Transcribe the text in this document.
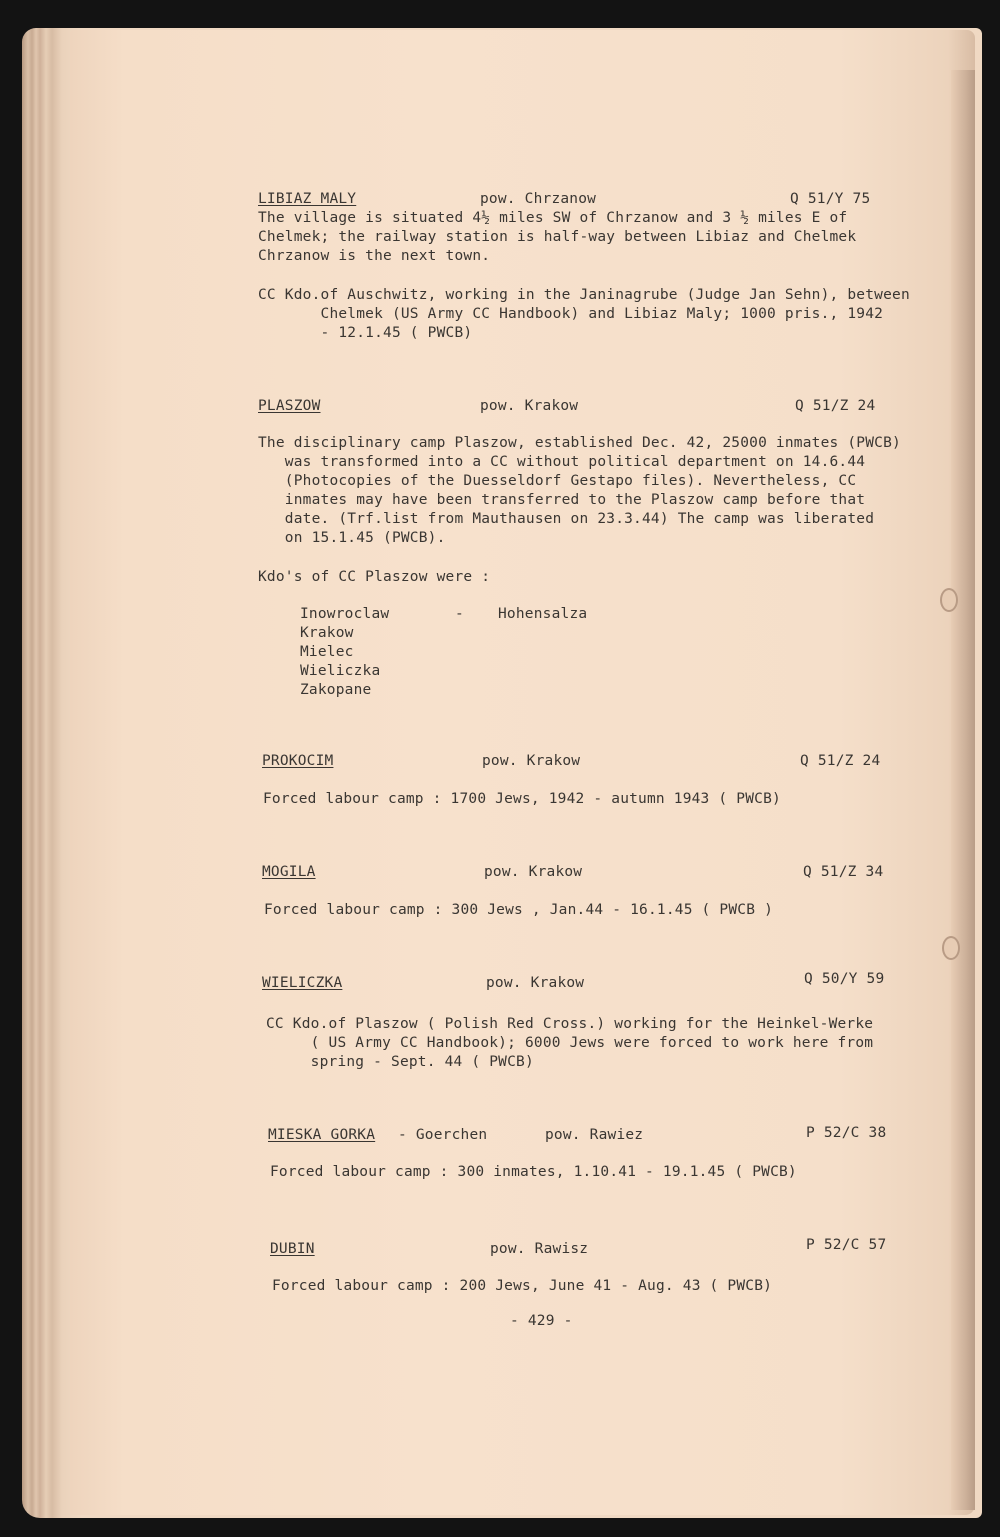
LIBIAZ MALY	pow. Chrzanow	Q 51/Y 75
The village is situated 4½ miles SW of Chrzanow and 3 ½ miles E of
Chelmek; the railway station is half-way between Libiaz and Chelmek
Chrzanow is the next town.
CC Kdo.of Auschwitz, working in the Janinagrube (Judge Jan Sehn), between
Chelmek (US Army CC Handbook) and Libiaz Maly; 1000 pris., 1942
- 12.1.45 ( PWCB)
PLASZOW	pow. Krakow	Q 51/Z 24
The disciplinary camp Plaszow, established Dec. 42, 25000 inmates (PWCB)
was transformed into a CC without political department on 14.6.44
(Photocopies of the Duesseldorf Gestapo files). Nevertheless, CC
inmates may have been transferred to the Plaszow camp before that
date. (Trf.list from Mauthausen on 23.3.44) The camp was liberated
on 15.1.45 (PWCB).
Kdo's of CC Plaszow were :
Inowroclaw	- Hohensalza
Krakow
Mielec
Wieliczka
Zakopane
PROKOCIM	pow. Krakow	Q 51/Z 24
Forced labour camp : 1700 Jews, 1942 - autumn 1943 ( PWCB)
MOGILA	pow. Krakow	Q 51/Z 34
Forced labour camp : 300 Jews , Jan.44 - 16.1.45 ( PWCB )
WIELICZKA	pow. Krakow	Q 50/Y 59
CC Kdo.of Plaszow ( Polish Red Cross.) working for the Heinkel-Werke
( US Army CC Handbook); 6000 Jews were forced to work here from
spring - Sept. 44 ( PWCB)
MIESKA GORKA - Goerchen	pow. Rawiez	P 52/C 38
Forced labour camp : 300 inmates, 1.10.41 - 19.1.45 ( PWCB)
DUBIN	pow. Rawisz	P 52/C 57
Forced labour camp : 200 Jews, June 41 - Aug. 43 ( PWCB)
- 429 -
